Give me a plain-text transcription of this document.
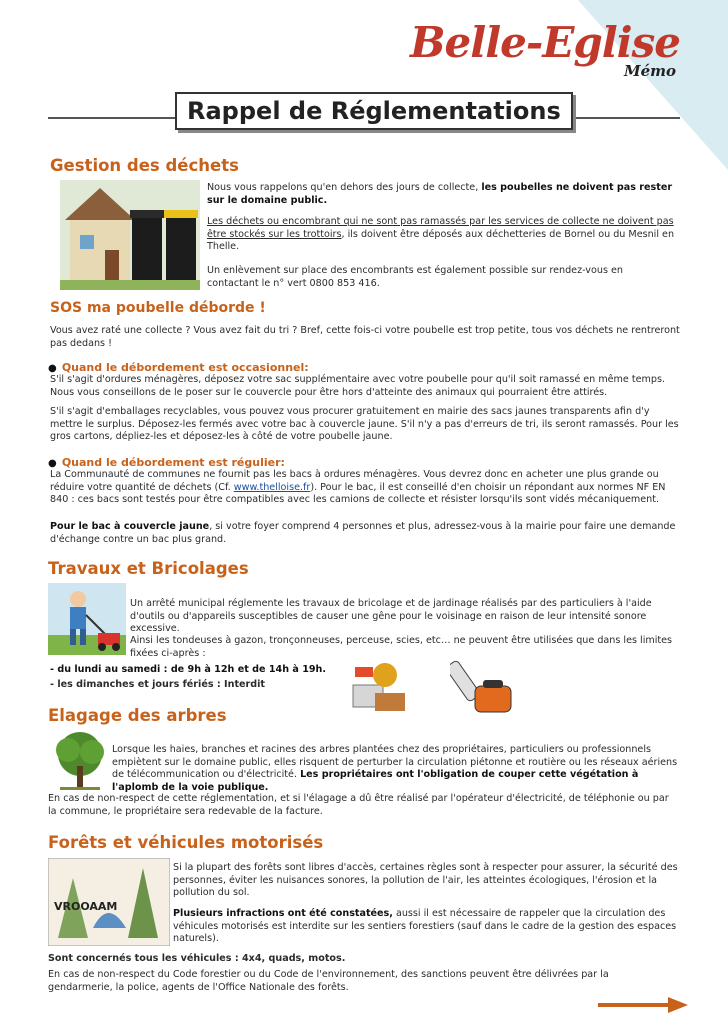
Belle-Eglise
Mémo
Rappel de Réglementations
Gestion des déchets
Nous vous rappelons qu'en dehors des jours de collecte, les poubelles ne doivent pas rester sur le domaine public.
Les déchets ou encombrant qui ne sont pas ramassés par les services de collecte ne doivent pas être stockés sur les trottoirs, ils doivent être déposés aux déchetteries de Bornel ou du Mesnil en Thelle.
Un enlèvement sur place des encombrants est également possible sur rendez-vous en contactant le n° vert 0800 853 416.
SOS ma poubelle déborde !
Vous avez raté une collecte ? Vous avez fait du tri ? Bref, cette fois-ci votre poubelle est trop petite, tous vos déchets ne rentreront pas dedans !
● Quand le débordement est occasionnel:
S'il s'agit d'ordures ménagères, déposez votre sac supplémentaire avec votre poubelle pour qu'il soit ramassé en même temps. Nous vous conseillons de le poser sur le couvercle pour être hors d'atteinte des animaux qui pourraient être attirés.
S'il s'agit d'emballages recyclables, vous pouvez vous procurer gratuitement en mairie des sacs jaunes transparents afin d'y mettre le surplus. Déposez-les fermés avec votre bac à couvercle jaune. S'il n'y a pas d'erreurs de tri, ils seront ramassés. Pour les gros cartons, dépliez-les et déposez-les à côté de votre poubelle jaune.
● Quand le débordement est régulier:
La Communauté de communes ne fournit pas les bacs à ordures ménagères. Vous devrez donc en acheter une plus grande ou réduire votre quantité de déchets (Cf. www.thelloise.fr). Pour le bac, il est conseillé d'en choisir un répondant aux normes NF EN 840 : ces bacs sont testés pour être compatibles avec les camions de collecte et résister lorsqu'ils sont vidés mécaniquement.
Pour le bac à couvercle jaune, si votre foyer comprend 4 personnes et plus, adressez-vous à la mairie pour faire une demande d'échange contre un bac plus grand.
Travaux et Bricolages
Un arrêté municipal réglemente les travaux de bricolage et de jardinage réalisés par des particuliers à l'aide d'outils ou d'appareils susceptibles de causer une gêne pour le voisinage en raison de leur intensité sonore excessive.
Ainsi les tondeuses à gazon, tronçonneuses, perceuse, scies, etc… ne peuvent être utilisées que dans les limites fixées ci-après :
- du lundi au samedi : de 9h à 12h et de 14h à 19h.
- les dimanches et jours fériés : Interdit
Elagage des arbres
Lorsque les haies, branches et racines des arbres plantées chez des propriétaires, particuliers ou professionnels empiètent sur le domaine public, elles risquent de perturber la circulation piétonne et routière ou les réseaux aériens de télécommunication ou d'électricité. Les propriétaires ont l'obligation de couper cette végétation à l'aplomb de la voie publique.
En cas de non-respect de cette réglementation, et si l'élagage a dû être réalisé par l'opérateur d'électricité, de téléphonie ou par la commune, le propriétaire sera redevable de la facture.
Forêts et véhicules motorisés
VROOAAM
Si la plupart des forêts sont libres d'accès, certaines règles sont à respecter pour assurer, la sécurité des personnes, éviter les nuisances sonores, la pollution de l'air, les atteintes écologiques, l'érosion et la pollution du sol.
Plusieurs infractions ont été constatées, aussi il est nécessaire de rappeler que la circulation des véhicules motorisés est interdite sur les sentiers forestiers (sauf dans le cadre de la gestion des espaces naturels).
Sont concernés tous les véhicules : 4x4, quads, motos.
En cas de non-respect du Code forestier ou du Code de l'environnement, des sanctions peuvent être délivrées par la gendarmerie, la police, agents de l'Office Nationale des forêts.
